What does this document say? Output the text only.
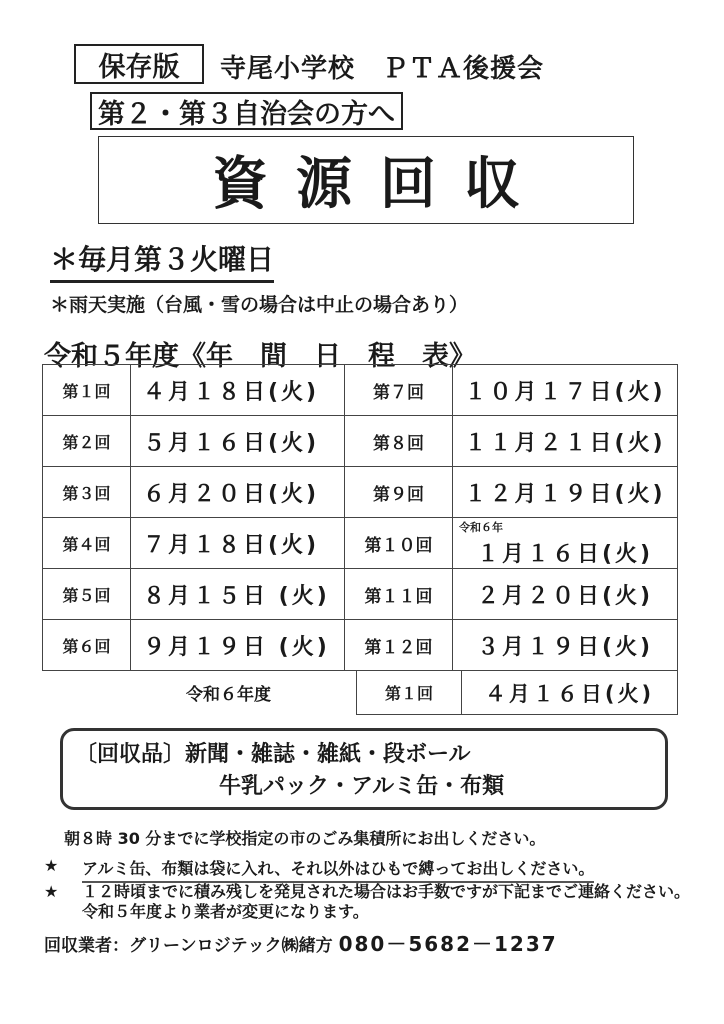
保存版	寺尾小学校　ＰＴＡ後援会
第２・第３自治会の方へ
資源回収
＊毎月第３火曜日
＊雨天実施（台風・雪の場合は中止の場合あり）
令和５年度《年　間　日　程　表》
第１回	４月１８日(火)	第７回	１０月１７日(火)
第２回	５月１６日(火)	第８回	１１月２１日(火)
第３回	６月２０日(火)	第９回	１２月１９日(火)
第４回	７月１８日(火)	第１０回	令和６年
１月１６日(火)
第５回	８月１５日 (火)	第１１回	２月２０日(火)
第６回	９月１９日 (火)	第１２回	３月１９日(火)
令和６年度	第１回	４月１６日(火)
〔回収品〕新聞・雑誌・雑紙・段ボール
牛乳パック・アルミ缶・布類
朝８時 30 分までに学校指定の市のごみ集積所にお出しください。
★ アルミ缶、布類は袋に入れ、それ以外はひもで縛ってお出しください。
★ １２時頃までに積み残しを発見された場合はお手数ですが下記までご連絡ください。令和５年度より業者が変更になります。
回収業者：グリーンロジテック㈱緒方 080－5682－1237
